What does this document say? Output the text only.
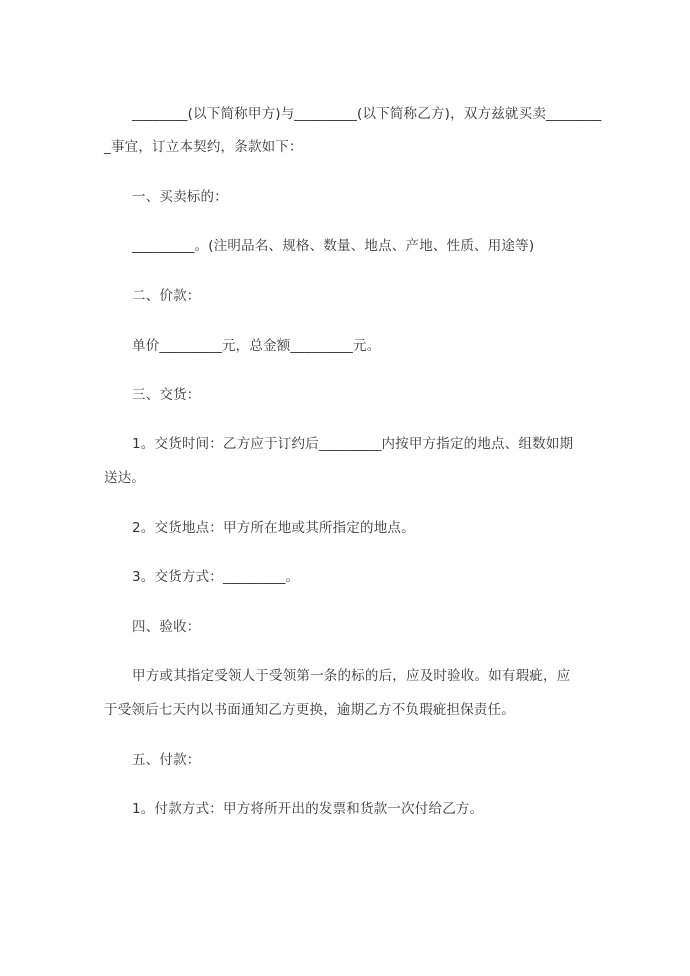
________(以下简称甲方)与_________(以下简称乙方)，双方兹就买卖________
_事宜，订立本契约，条款如下：
一、买卖标的：
_________。(注明品名、规格、数量、地点、产地、性质、用途等)
二、价款：
单价_________元，总金额_________元。
三、交货：
1。交货时间：乙方应于订约后_________内按甲方指定的地点、组数如期
送达。
2。交货地点：甲方所在地或其所指定的地点。
3。交货方式：_________。
四、验收：
甲方或其指定受领人于受领第一条的标的后，应及时验收。如有瑕疵，应
于受领后七天内以书面通知乙方更换，逾期乙方不负瑕疵担保责任。
五、付款：
1。付款方式：甲方将所开出的发票和货款一次付给乙方。
